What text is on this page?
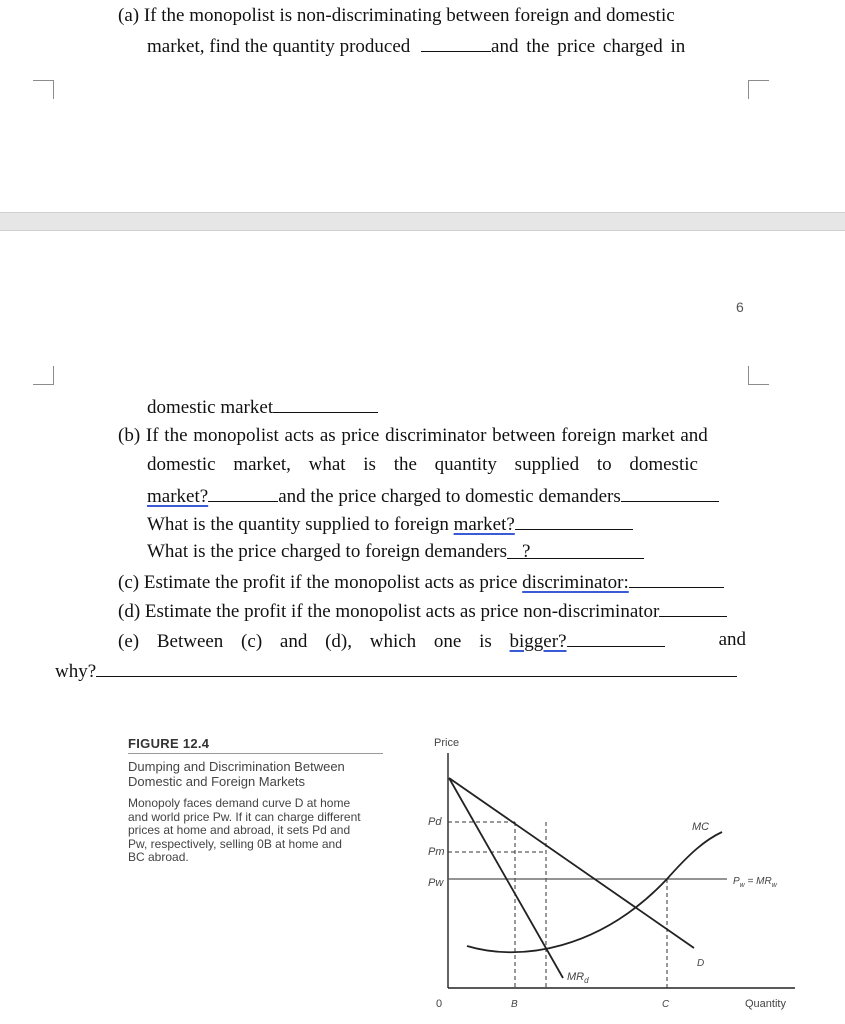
(a) If the monopolist is non-discriminating between foreign and domestic
market, find the quantity produced	and the price charged in
6
domestic market
(b) If the monopolist acts as price discriminator between foreign market and
domestic market, what is the quantity supplied to domestic
market?	and the price charged to domestic demanders
What is the quantity supplied to foreign market?
What is the price charged to foreign demanders ?
(c) Estimate the profit if the monopolist acts as price discriminator:
(d) Estimate the profit if the monopolist acts as price non-discriminator
(e) Between (c) and (d), which one is bigger?	and
why?
FIGURE 12.4
Dumping and Discrimination Between
Domestic and Foreign Markets
Monopoly faces demand curve D at home
and world price Pw. If it can charge different
prices at home and abroad, it sets Pd and
Pw, respectively, selling 0B at home and
BC abroad.
Price
Quantity
Pd
Pm
Pw
0	B	C
MC
D
$MR_d$
$P_w = MR_w$
